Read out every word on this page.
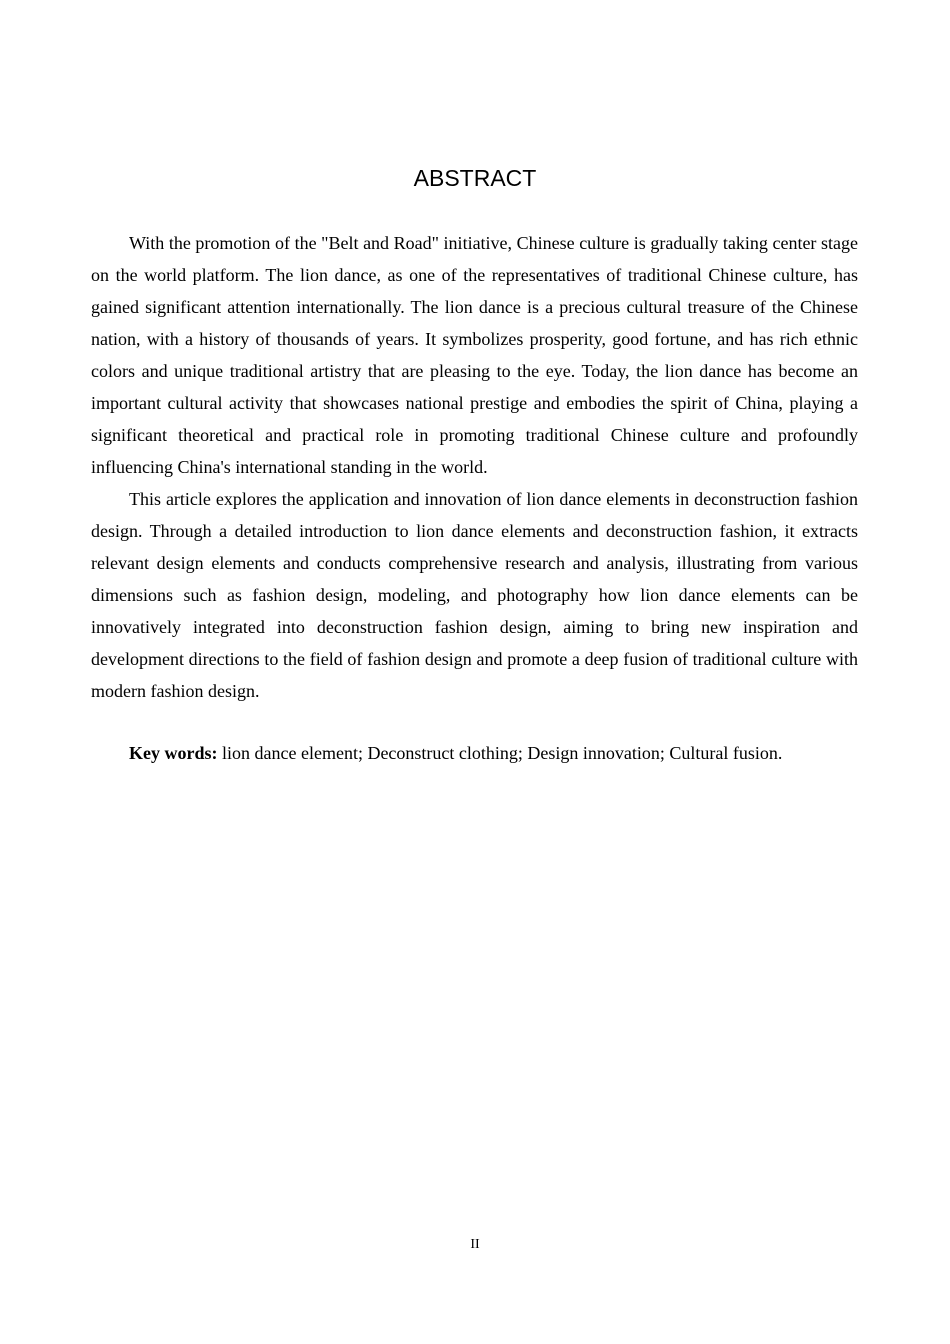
ABSTRACT

With the promotion of the "Belt and Road" initiative, Chinese culture is gradually taking center stage on the world platform. The lion dance, as one of the representatives of traditional Chinese culture, has gained significant attention internationally. The lion dance is a precious cultural treasure of the Chinese nation, with a history of thousands of years. It symbolizes prosperity, good fortune, and has rich ethnic colors and unique traditional artistry that are pleasing to the eye. Today, the lion dance has become an important cultural activity that showcases national prestige and embodies the spirit of China, playing a significant theoretical and practical role in promoting traditional Chinese culture and profoundly influencing China's international standing in the world.

This article explores the application and innovation of lion dance elements in deconstruction fashion design. Through a detailed introduction to lion dance elements and deconstruction fashion, it extracts relevant design elements and conducts comprehensive research and analysis, illustrating from various dimensions such as fashion design, modeling, and photography how lion dance elements can be innovatively integrated into deconstruction fashion design, aiming to bring new inspiration and development directions to the field of fashion design and promote a deep fusion of traditional culture with modern fashion design.

Key words: lion dance element; Deconstruct clothing; Design innovation; Cultural fusion.

II
